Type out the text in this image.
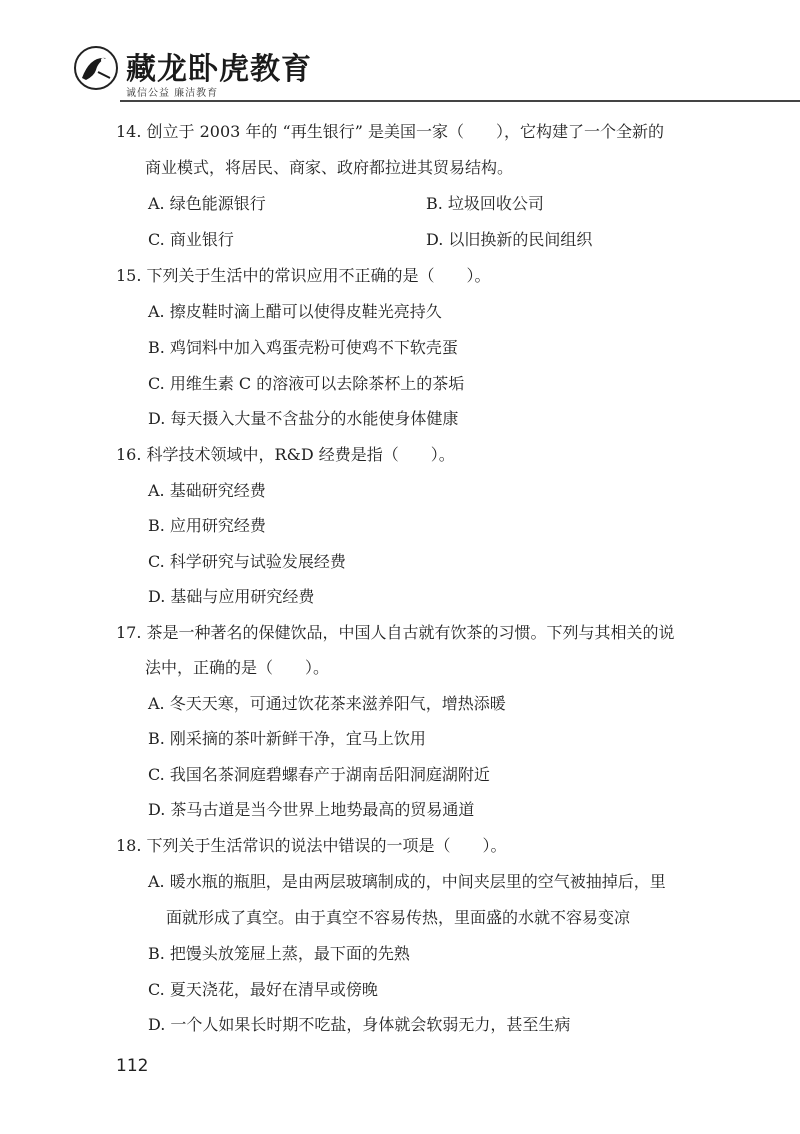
藏龙卧虎教育
诚信公益 廉洁教育
14. 创立于 2003 年的 “再生银行” 是美国一家（　　），它构建了一个全新的
商业模式，将居民、商家、政府都拉进其贸易结构。
A. 绿色能源银行	B. 垃圾回收公司
C. 商业银行	D. 以旧换新的民间组织
15. 下列关于生活中的常识应用不正确的是（　　）。
A. 擦皮鞋时滴上醋可以使得皮鞋光亮持久
B. 鸡饲料中加入鸡蛋壳粉可使鸡不下软壳蛋
C. 用维生素 C 的溶液可以去除茶杯上的茶垢
D. 每天摄入大量不含盐分的水能使身体健康
16. 科学技术领域中，R&D 经费是指（　　）。
A. 基础研究经费
B. 应用研究经费
C. 科学研究与试验发展经费
D. 基础与应用研究经费
17. 茶是一种著名的保健饮品，中国人自古就有饮茶的习惯。下列与其相关的说
法中，正确的是（　　）。
A. 冬天天寒，可通过饮花茶来滋养阳气，增热添暖
B. 刚采摘的茶叶新鲜干净，宜马上饮用
C. 我国名茶洞庭碧螺春产于湖南岳阳洞庭湖附近
D. 茶马古道是当今世界上地势最高的贸易通道
18. 下列关于生活常识的说法中错误的一项是（　　）。
A. 暖水瓶的瓶胆，是由两层玻璃制成的，中间夹层里的空气被抽掉后，里
面就形成了真空。由于真空不容易传热，里面盛的水就不容易变凉
B. 把馒头放笼屉上蒸，最下面的先熟
C. 夏天浇花，最好在清早或傍晚
D. 一个人如果长时期不吃盐，身体就会软弱无力，甚至生病
112
